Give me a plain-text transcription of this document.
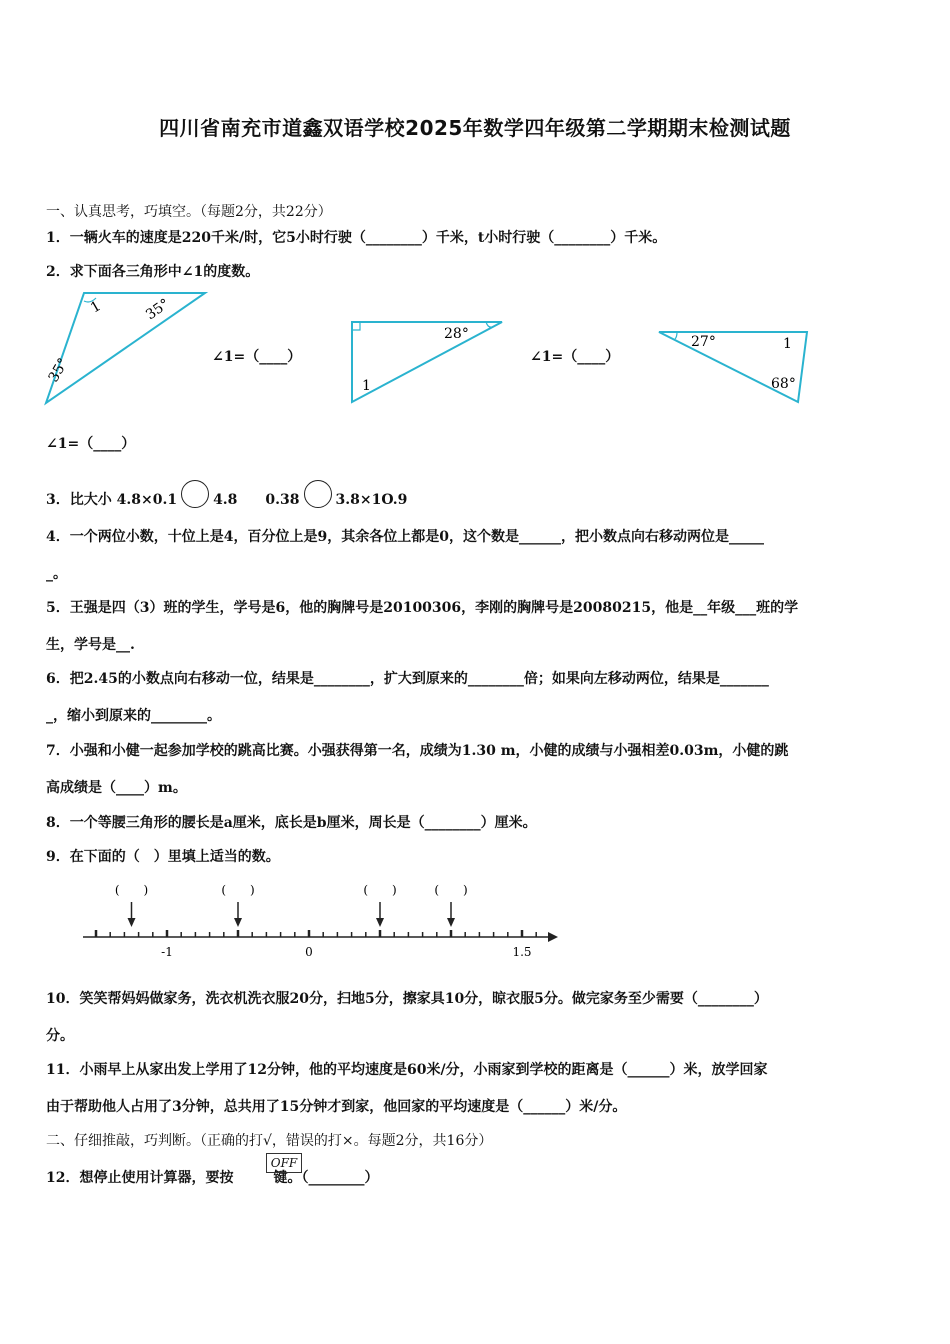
四川省南充市道鑫双语学校2025年数学四年级第二学期期末检测试题
一、认真思考，巧填空。（每题2分，共22分）
1．一辆火车的速度是220千米/时，它5小时行驶（________）千米，t小时行驶（________）千米。
2．求下面各三角形中∠1的度数。
1	35°
35°	∠1=（____）
28°
1
∠1=（____）
27°	1
68°
∠1=（____）
3．比大小 4.8×0.1	4.8　　0.38	3.8×1O.9
4．一个两位小数，十位上是4，百分位上是9，其余各位上都是0，这个数是______，把小数点向右移动两位是_____
_。
5．王强是四（3）班的学生，学号是6，他的胸牌号是20100306，李刚的胸牌号是20080215，他是__年级___班的学
生，学号是__.
6．把2.45的小数点向右移动一位，结果是________，扩大到原来的________倍；如果向左移动两位，结果是_______
_，缩小到原来的________。
7．小强和小健一起参加学校的跳高比赛。小强获得第一名，成绩为1.30 m，小健的成绩与小强相差0.03m，小健的跳
高成绩是（____）m。
8．一个等腰三角形的腰长是a厘米，底长是b厘米，周长是（________）厘米。
9．在下面的（　）里填上适当的数。
(　　)	(　　)	(　　)	(　　)
-1	0	1.5
10．笑笑帮妈妈做家务，洗衣机洗衣服20分，扫地5分，擦家具10分，晾衣服5分。做完家务至少需要（________）
分。
11．小雨早上从家出发上学用了12分钟，他的平均速度是60米/分，小雨家到学校的距离是（______）米，放学回家
由于帮助他人占用了3分钟，总共用了15分钟才到家，他回家的平均速度是（______）米/分。
二、仔细推敲，巧判断。（正确的打√，错误的打×。每题2分，共16分）
12．想停止使用计算器，要按	键。（________）
OFF
